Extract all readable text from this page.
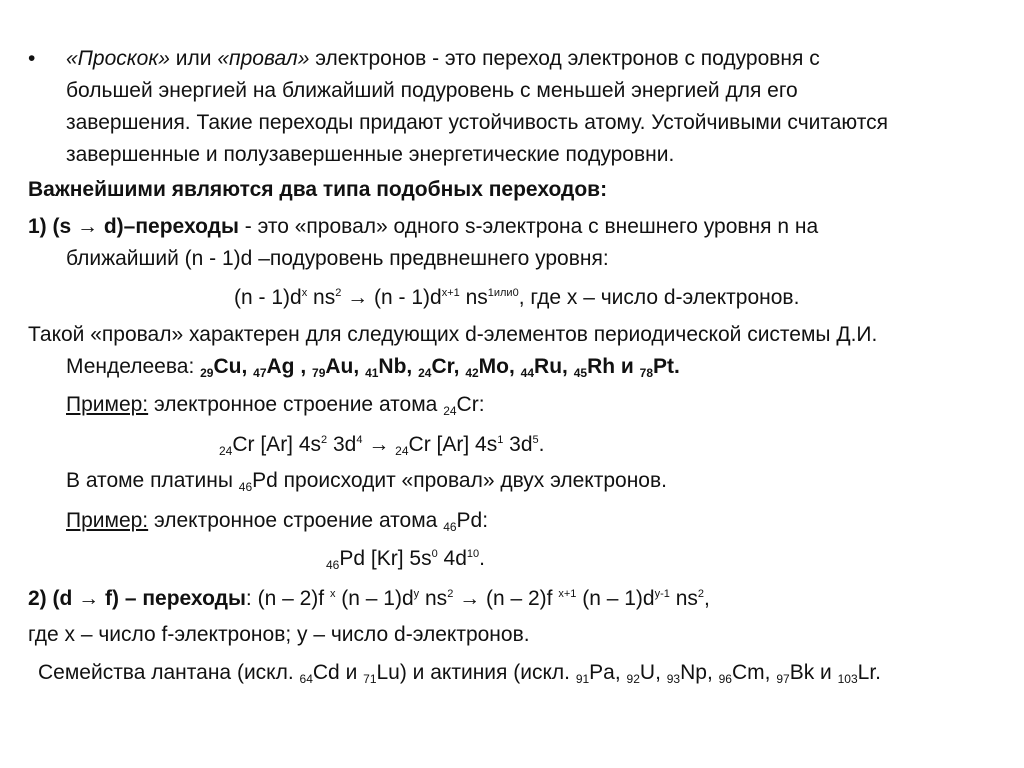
• «Проскок» или «провал» электронов - это переход электронов с подуровня с
большей энергией на ближайший подуровень с меньшей энергией для его
завершения. Такие переходы придают устойчивость атому. Устойчивыми считаются
завершенные и полузавершенные энергетические подуровни.
Важнейшими являются два типа подобных переходов:
1) (s → d)–переходы - это «провал» одного s-электрона с внешнего уровня n на
ближайший (n - 1)d –подуровень предвнешнего уровня:
$(n - 1)d^x$ $ns^2 \to (n - 1)d^{x+1}$ $ns^{1или0}$, где x – число d-электронов.
Такой «провал» характерен для следующих d-элементов периодической системы Д.И.
Менделеева: $_{29}$Cu, $_{47}$Ag , $_{79}$Au, $_{41}$Nb, $_{24}$Cr, $_{42}$Mo, $_{44}$Ru, $_{45}$Rh и $_{78}$Pt.
Пример: электронное строение атома $_{24}$Cr:
$_{24}$Cr [Ar] $4s^2$ $3d^4 \to _{24}Cr$ [Ar] $4s^1$ $3d^5$.
В атоме платины $_{46}$Pd происходит «провал» двух электронов.
Пример: электронное строение атома $_{46}$Pd:
$_{46}$Pd [Kr] $5s^0$ $4d^{10}$.
2) (d → f) – переходы: (n – 2)f $^x$ $(n - 1)d^y$ $ns^2 \to (n - 2)f$ $^{x+1}$ $(n - 1)d^{y-1}$ $ns^2$,
где x – число f-электронов; y – число d-электронов.
Семейства лантана (искл. $_{64}$Cd и $_{71}$Lu) и актиния (искл. $_{91}$Pa, $_{92}$U, $_{93}$Np, $_{96}$Cm, $_{97}$Bk и $_{103}$Lr.
